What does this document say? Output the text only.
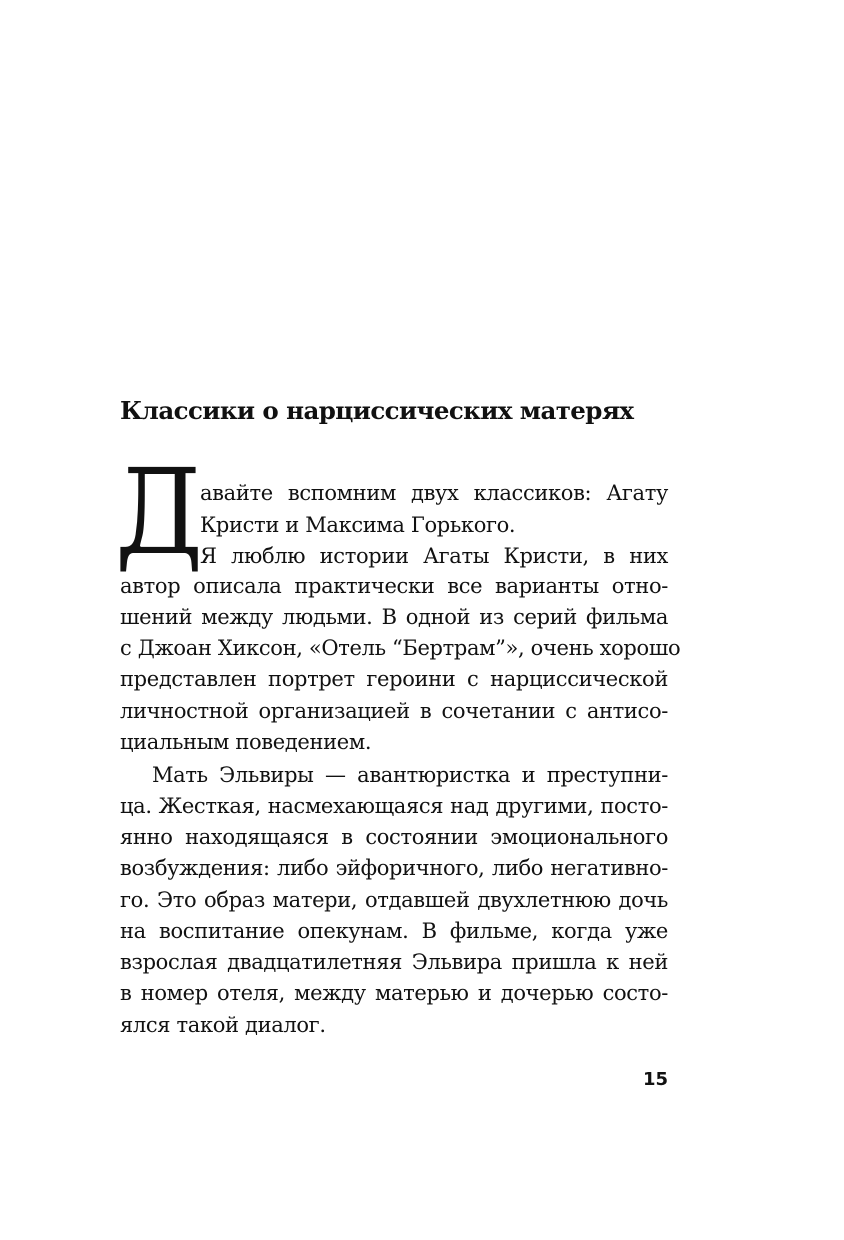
Классики о нарциссических матерях
Д
авайте вспомним двух классиков: Агату
Кристи и Максима Горького.
Я люблю истории Агаты Кристи, в них
автор описала практически все варианты отно-
шений между людьми. В одной из серий фильма
с Джоан Хиксон, «Отель “Бертрам”», очень хорошо
представлен портрет героини с нарциссической
личностной организацией в сочетании с антисо-
циальным поведением.
Мать Эльвиры — авантюристка и преступни-
ца. Жесткая, насмехающаяся над другими, посто-
янно находящаяся в состоянии эмоционального
возбуждения: либо эйфоричного, либо негативно-
го. Это образ матери, отдавшей двухлетнюю дочь
на воспитание опекунам. В фильме, когда уже
взрослая двадцатилетняя Эльвира пришла к ней
в номер отеля, между матерью и дочерью состо-
ялся такой диалог.
15
